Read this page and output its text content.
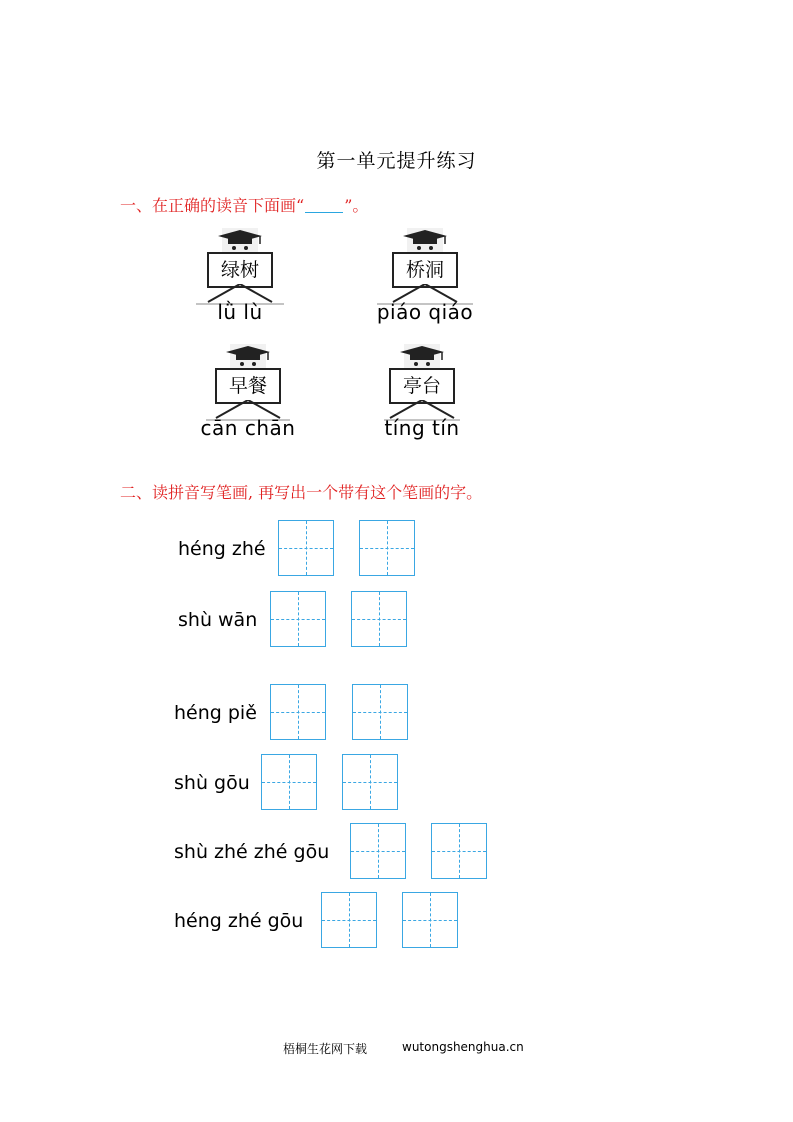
第一单元提升练习
一、在正确的读音下面画“	”。
绿树
lǜ lù
桥洞
piáo qiáo
早餐
cān chān
亭台
tíng tín
二、读拼音写笔画, 再写出一个带有这个笔画的字。
héng zhé
shù wān
héng piě
shù gōu
shù zhé zhé gōu
héng zhé gōu
梧桐生花网下载	wutongshenghua.cn
